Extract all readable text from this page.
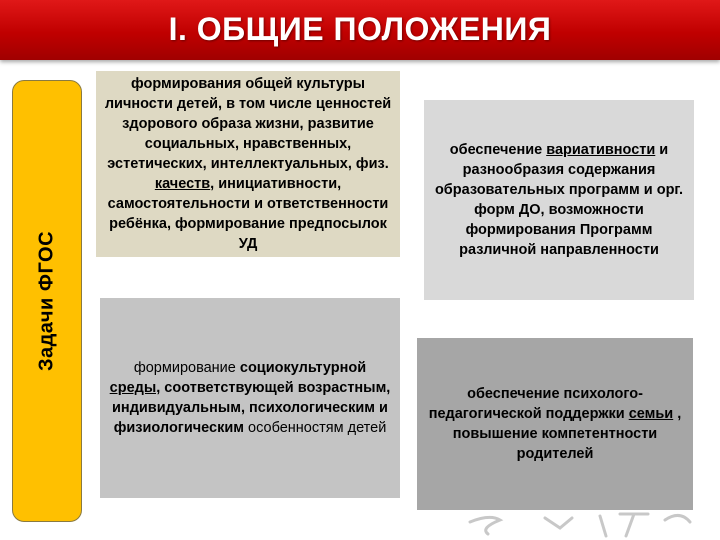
I. ОБЩИЕ ПОЛОЖЕНИЯ
Задачи ФГОС
формирования общей культуры личности детей, в том числе ценностей здорового образа жизни, развитие социальных, нравственных, эстетических, интеллектуальных, физ. качеств, инициативности, самостоятельности и ответственности ребёнка, формирование предпосылок УД
обеспечение вариативности и разнообразия содержания образовательных программ и орг. форм ДО, возможности формирования Программ различной направленности
формирование социокультурной
среды, соответствующей возрастным, индивидуальным, психологическим и физиологическим особенностям детей
обеспечение психолого-педагогической поддержки семьи , повышение компетентности родителей
